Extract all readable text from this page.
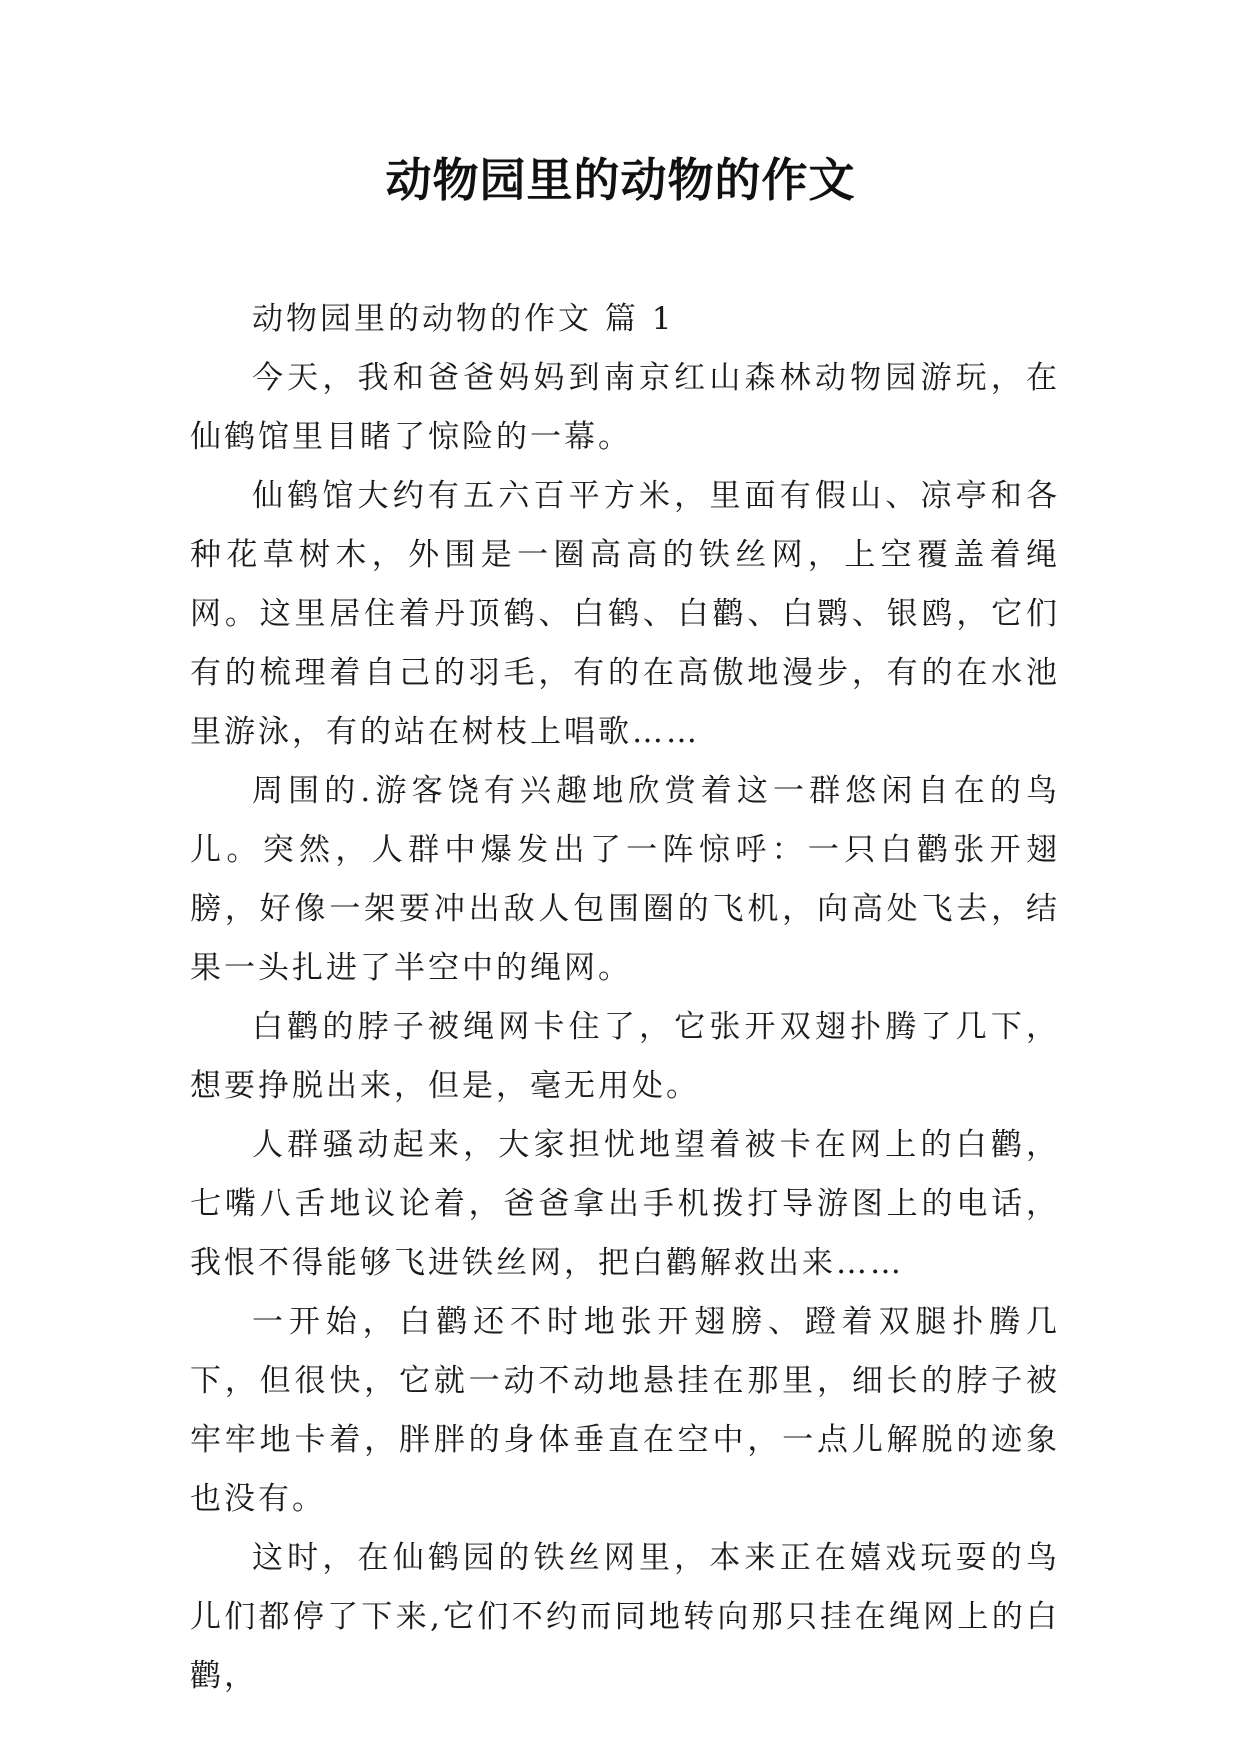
动物园里的动物的作文

动物园里的动物的作文 篇 1

今天，我和爸爸妈妈到南京红山森林动物园游玩，在仙鹤馆里目睹了惊险的一幕。

仙鹤馆大约有五六百平方米，里面有假山、凉亭和各种花草树木，外围是一圈高高的铁丝网，上空覆盖着绳网。这里居住着丹顶鹤、白鹤、白鹳、白鹮、银鸥，它们有的梳理着自己的羽毛，有的在高傲地漫步，有的在水池里游泳，有的站在树枝上唱歌……

周围的.游客饶有兴趣地欣赏着这一群悠闲自在的鸟儿。突然，人群中爆发出了一阵惊呼：一只白鹳张开翅膀，好像一架要冲出敌人包围圈的飞机，向高处飞去，结果一头扎进了半空中的绳网。

白鹳的脖子被绳网卡住了，它张开双翅扑腾了几下，想要挣脱出来，但是，毫无用处。

人群骚动起来，大家担忧地望着被卡在网上的白鹳，七嘴八舌地议论着，爸爸拿出手机拨打导游图上的电话，我恨不得能够飞进铁丝网，把白鹳解救出来……

一开始，白鹳还不时地张开翅膀、蹬着双腿扑腾几下，但很快，它就一动不动地悬挂在那里，细长的脖子被牢牢地卡着，胖胖的身体垂直在空中，一点儿解脱的迹象也没有。

这时，在仙鹤园的铁丝网里，本来正在嬉戏玩耍的鸟儿们都停了下来,它们不约而同地转向那只挂在绳网上的白鹳，
